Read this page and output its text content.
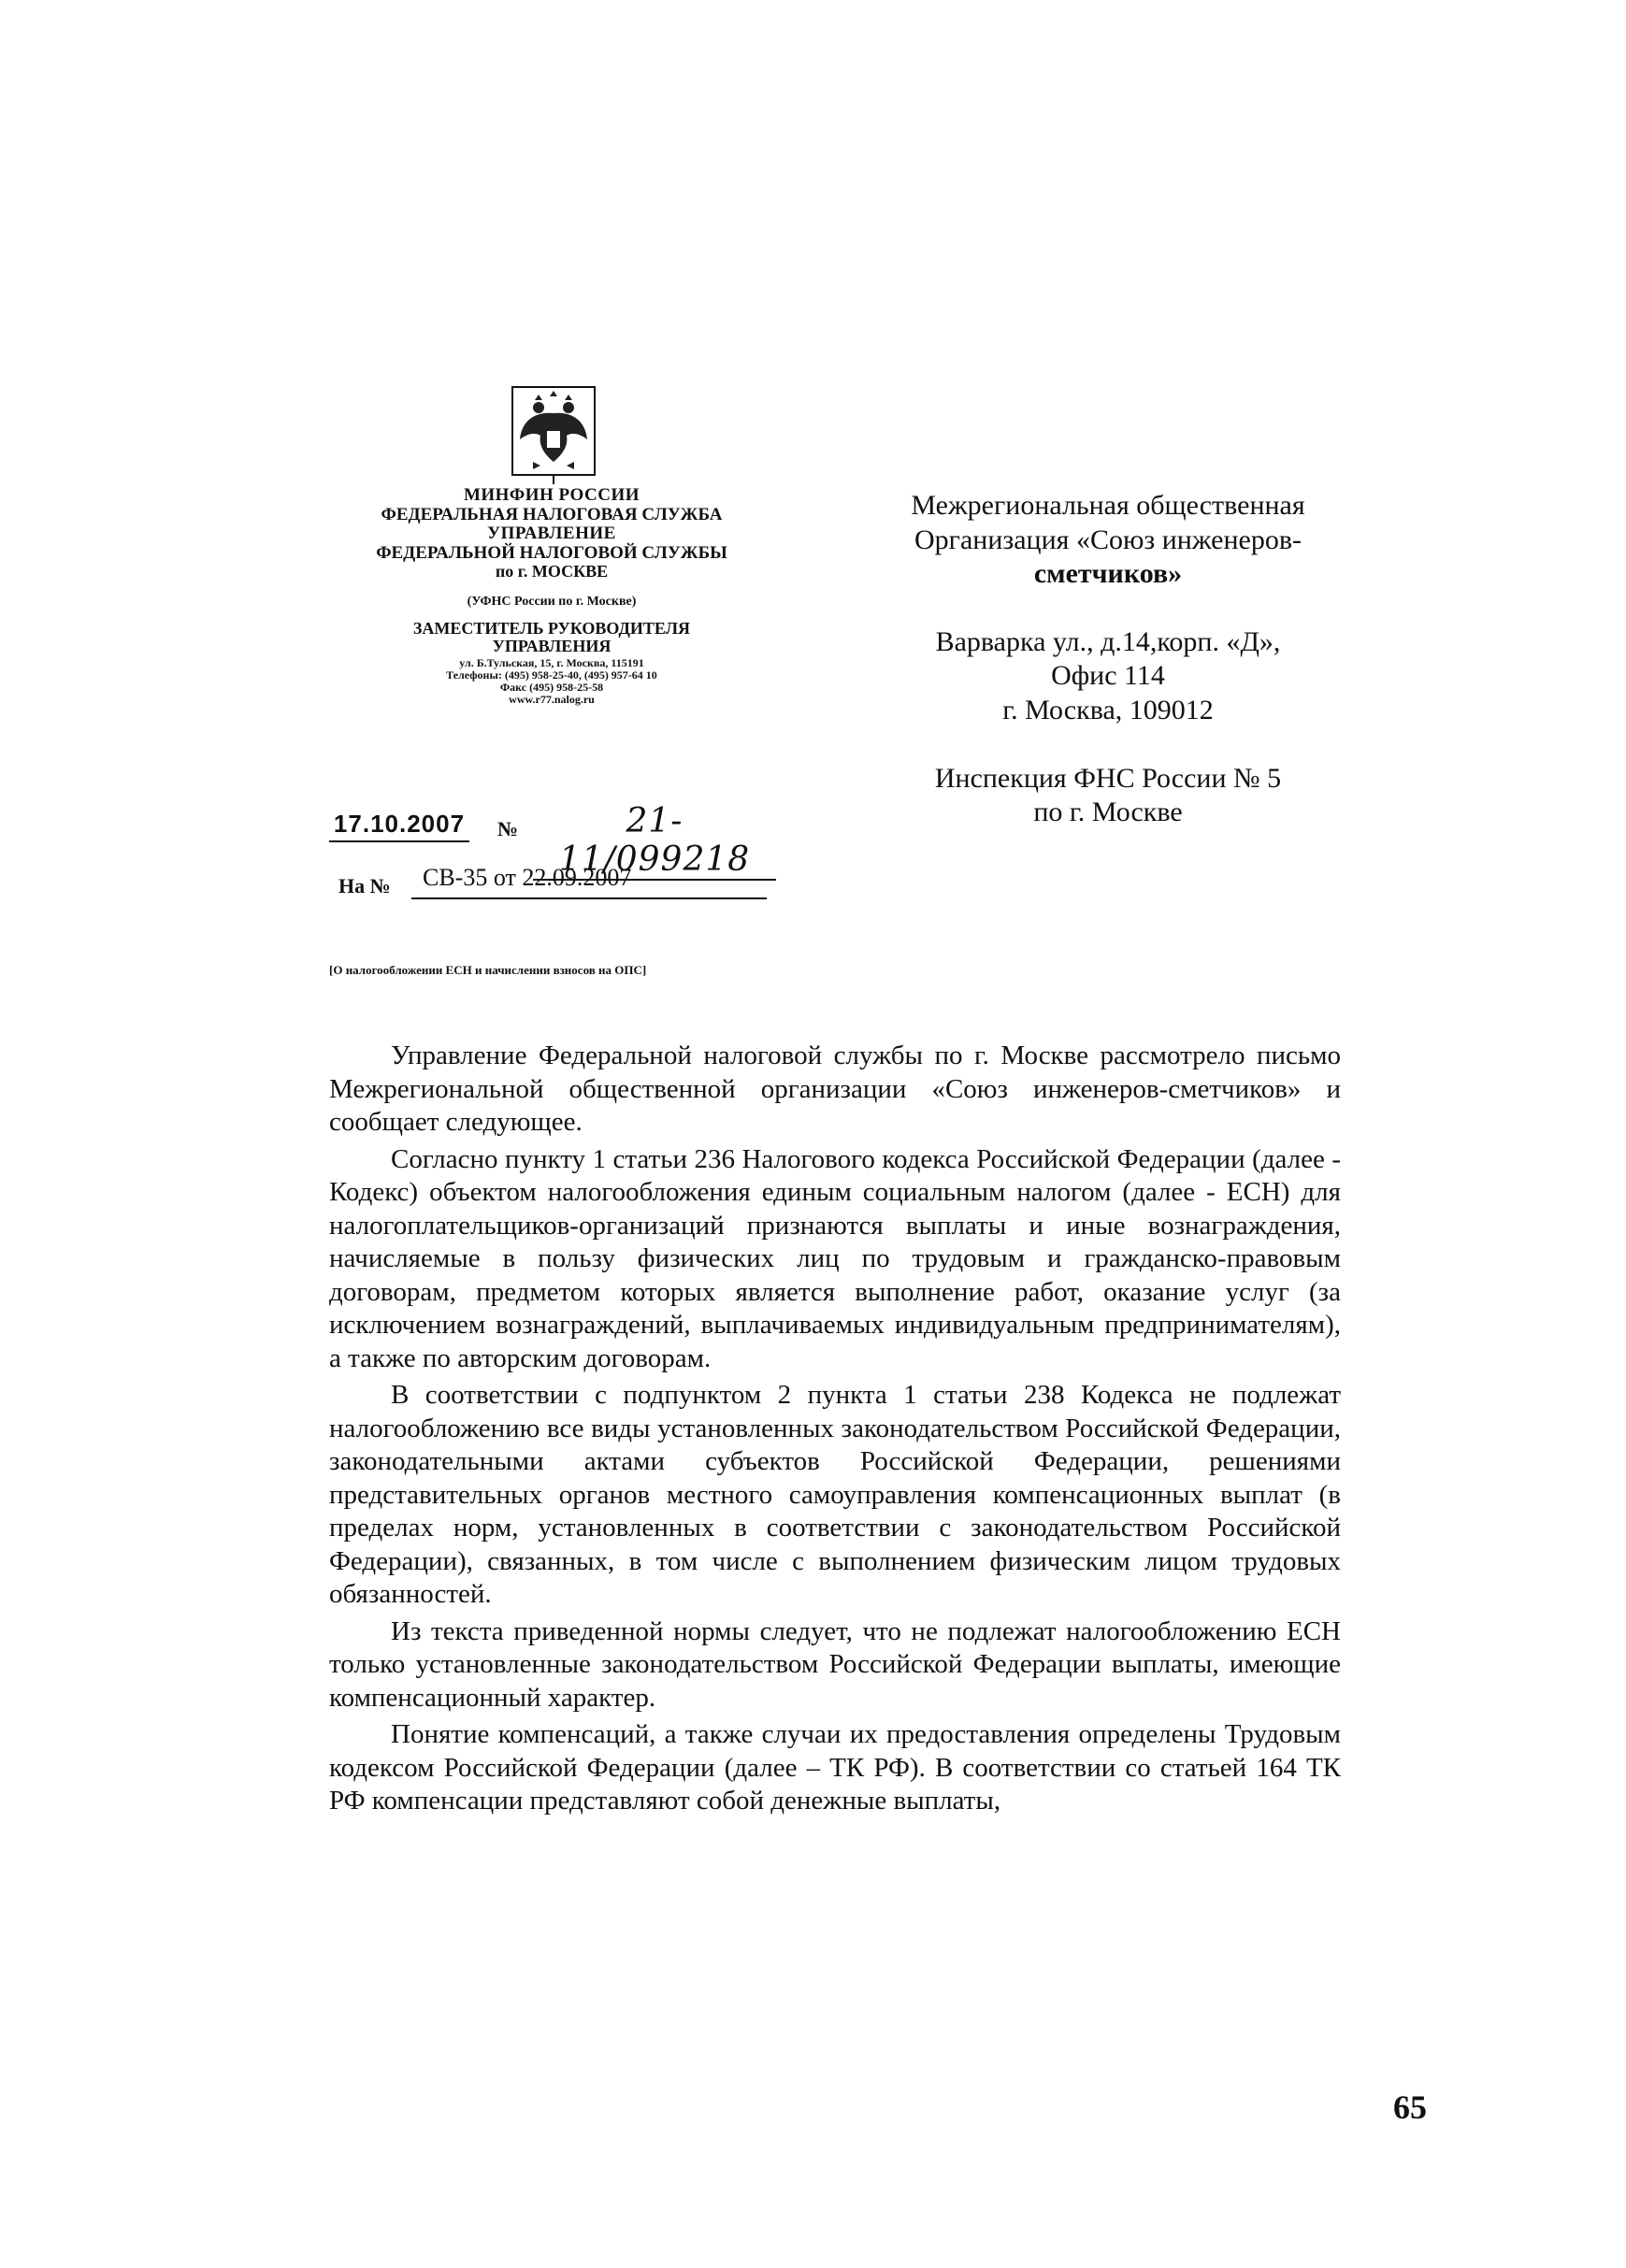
МИНФИН РОССИИ
ФЕДЕРАЛЬНАЯ НАЛОГОВАЯ СЛУЖБА
УПРАВЛЕНИЕ
ФЕДЕРАЛЬНОЙ НАЛОГОВОЙ СЛУЖБЫ
по г. МОСКВЕ
(УФНС России по г. Москве)
ЗАМЕСТИТЕЛЬ РУКОВОДИТЕЛЯ
УПРАВЛЕНИЯ
ул. Б.Тульская, 15, г. Москва, 115191
Телефоны: (495) 958-25-40, (495) 957-64 10
Факс (495) 958-25-58
www.r77.nalog.ru
Межрегиональная общественная
Организация «Союз инженеров-
сметчиков»
Варварка ул., д.14,корп. «Д»,
Офис 114
г. Москва, 109012
Инспекция ФНС России № 5
по г. Москве
17.10.2007 №	21-11/099218
На №	СВ-35 от 22.09.2007
[О налогообложении ЕСН и начислении взносов на ОПС]

Управление Федеральной налоговой службы по г. Москве рассмотрело письмо Межрегиональной общественной организации «Союз инженеров-сметчиков» и сообщает следующее.

Согласно пункту 1 статьи 236 Налогового кодекса Российской Федерации (далее - Кодекс) объектом налогообложения единым социальным налогом (далее - ЕСН) для налогоплательщиков-организаций признаются выплаты и иные вознаграждения, начисляемые в пользу физических лиц по трудовым и гражданско-правовым договорам, предметом которых является выполнение работ, оказание услуг (за исключением вознаграждений, выплачиваемых индивидуальным предпринимателям), а также по авторским договорам.

В соответствии с подпунктом 2 пункта 1 статьи 238 Кодекса не подлежат налогообложению все виды установленных законодательством Российской Федерации, законодательными актами субъектов Российской Федерации, решениями представительных органов местного самоуправления компенсационных выплат (в пределах норм, установленных в соответствии с законодательством Российской Федерации), связанных, в том числе с выполнением физическим лицом трудовых обязанностей.

Из текста приведенной нормы следует, что не подлежат налогообложению ЕСН только установленные законодательством Российской Федерации выплаты, имеющие компенсационный характер.

Понятие компенсаций, а также случаи их предоставления определены Трудовым кодексом Российской Федерации (далее – ТК РФ). В соответствии со статьей 164 ТК РФ компенсации представляют собой денежные выплаты,

65
